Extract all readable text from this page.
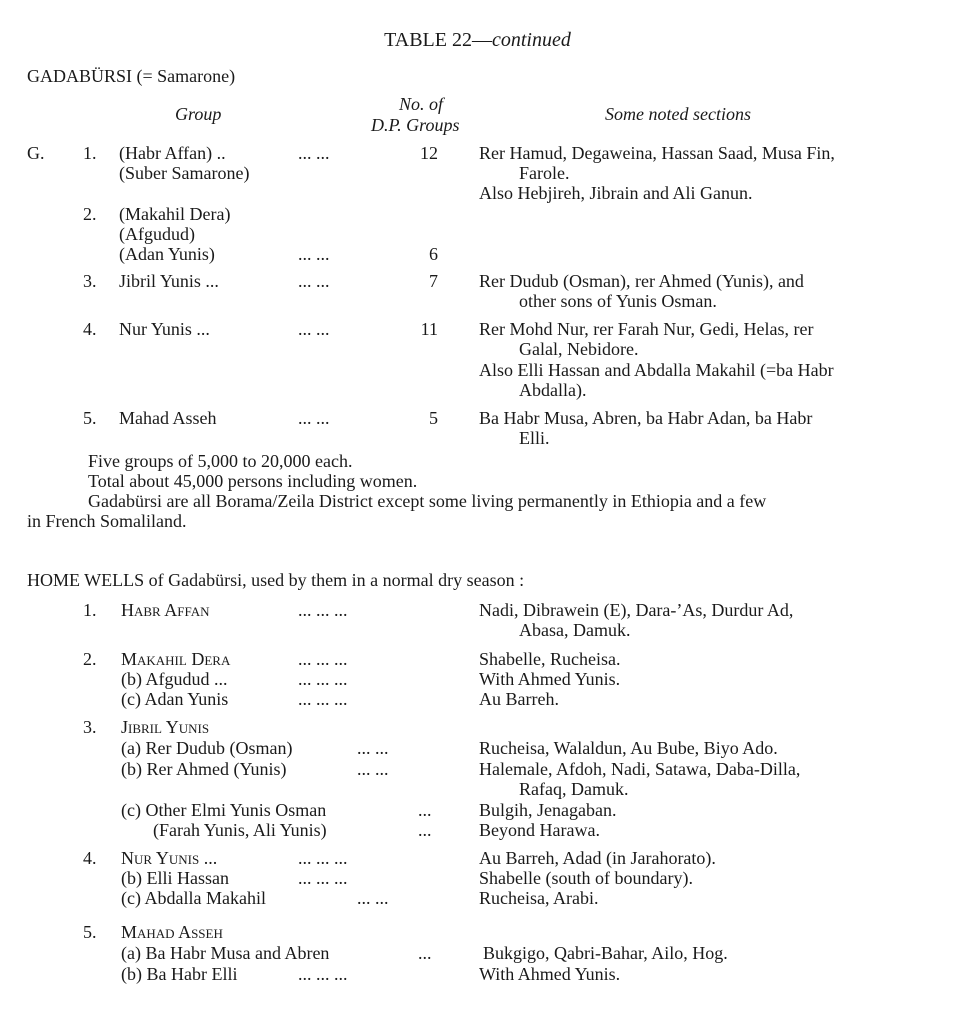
TABLE 22—continued
GADABÜRSI (= Samarone)
Group	No. of
D.P. Groups
Some noted sections
G. 1. (Habr Affan) ..
(Suber Samarone)
... ...	12 Rer Hamud, Degaweina, Hassan Saad, Musa Fin,
Farole.
Also Hebjireh, Jibrain and Ali Ganun.
2. (Makahil Dera)
(Afgudud)
(Adan Yunis)	... ...	6
3. Jibril Yunis ...	... ...	7 Rer Dudub (Osman), rer Ahmed (Yunis), and
other sons of Yunis Osman.
4. Nur Yunis ...	... ...	11 Rer Mohd Nur, rer Farah Nur, Gedi, Helas, rer
Galal, Nebidore.
Also Elli Hassan and Abdalla Makahil (=ba Habr
Abdalla).
5. Mahad Asseh	... ...	5 Ba Habr Musa, Abren, ba Habr Adan, ba Habr
Elli.
Five groups of 5,000 to 20,000 each.
Total about 45,000 persons including women.
Gadabürsi are all Borama/Zeila District except some living permanently in Ethiopia and a few
in French Somaliland.
HOME WELLS of Gadabürsi, used by them in a normal dry season :
1. Habr Affan	... ... ...	Nadi, Dibrawein (E), Dara-’As, Durdur Ad,
Abasa, Damuk.
2. Makahil Dera	... ... ...	Shabelle, Rucheisa.
(b) Afgudud ...	... ... ...	With Ahmed Yunis.
(c) Adan Yunis	... ... ...	Au Barreh.
3. Jibril Yunis
(a) Rer Dudub (Osman)	... ...	Rucheisa, Walaldun, Au Bube, Biyo Ado.
(b) Rer Ahmed (Yunis)	... ...	Halemale, Afdoh, Nadi, Satawa, Daba-Dilla,
Rafaq, Damuk.
(c) Other Elmi Yunis Osman	...	Bulgih, Jenagaban.
(Farah Yunis, Ali Yunis)	...	Beyond Harawa.
4. Nur Yunis ...	... ... ...	Au Barreh, Adad (in Jarahorato).
(b) Elli Hassan	... ... ...	Shabelle (south of boundary).
(c) Abdalla Makahil	... ...	Rucheisa, Arabi.
5. Mahad Asseh
(a) Ba Habr Musa and Abren	...	Bukgigo, Qabri-Bahar, Ailo, Hog.
(b) Ba Habr Elli	... ... ...	With Ahmed Yunis.
